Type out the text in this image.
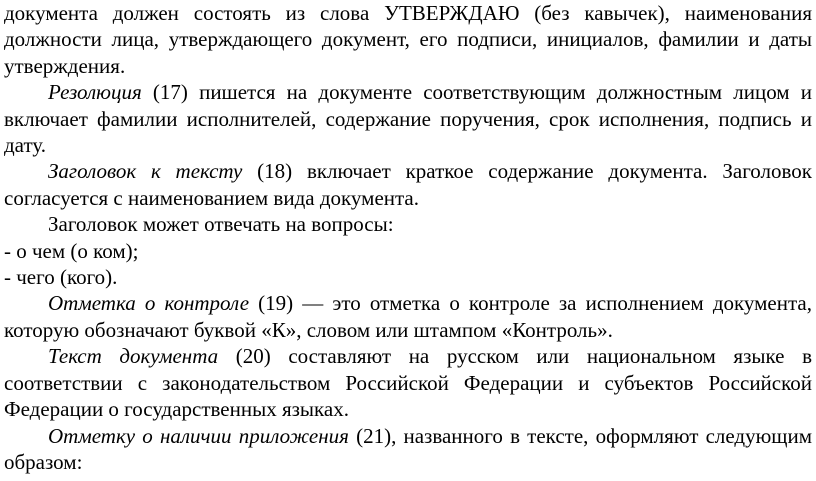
документа должен состоять из слова УТВЕРЖДАЮ (без кавычек), наименования должности лица, утверждающего документ, его подписи, инициалов, фамилии и даты утверждения.

Резолюция (17) пишется на документе соответствующим должностным лицом и включает фамилии исполнителей, содержание поручения, срок исполнения, подпись и дату.

Заголовок к тексту (18) включает краткое содержание документа. Заголовок согласуется с наименованием вида документа.

Заголовок может отвечать на вопросы:

- о чем (о ком);

- чего (кого).

Отметка о контроле (19) — это отметка о контроле за исполнением документа, которую обозначают буквой «К», словом или штампом «Контроль».

Текст документа (20) составляют на русском или национальном языке в соответствии с законодательством Российской Федерации и субъектов Российской Федерации о государственных языках.

Отметку о наличии приложения (21), названного в тексте, оформляют следующим образом:
